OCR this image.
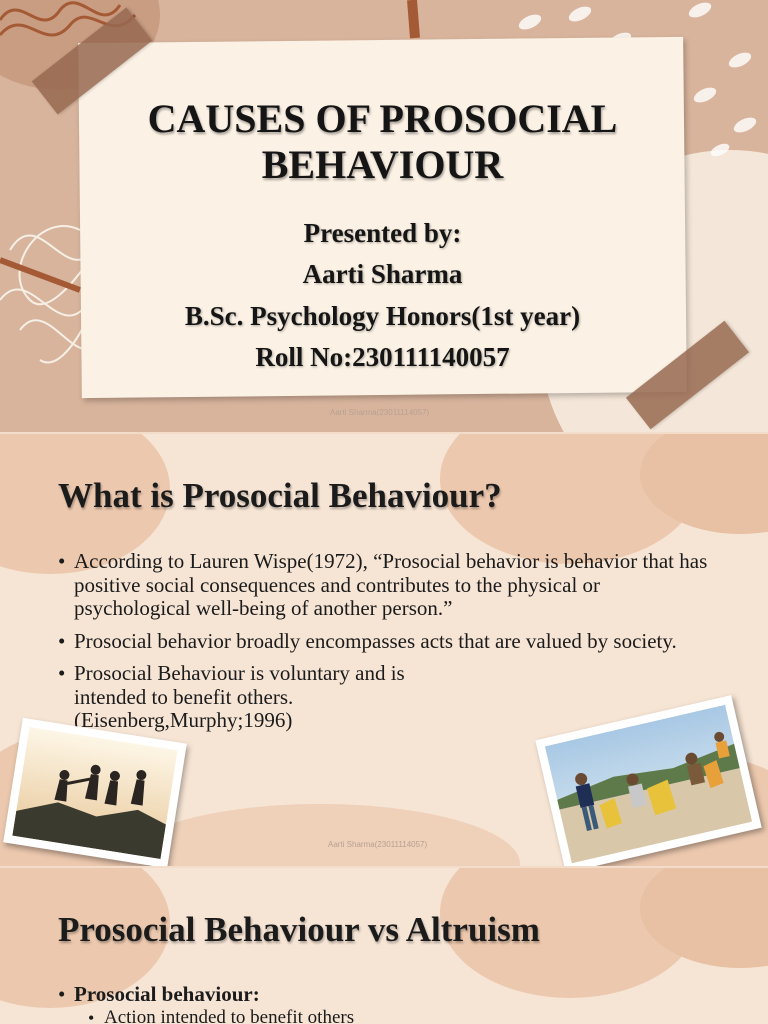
CAUSES OF PROSOCIAL
BEHAVIOUR
Presented by:
Aarti Sharma
B.Sc. Psychology Honors(1st year)
Roll No:230111140057
Aarti Sharma(23011114057)
What is Prosocial Behaviour?
• According to Lauren Wispe(1972), “Prosocial behavior is behavior that has positive social consequences and contributes to the physical or psychological well-being of another person.”
• Prosocial behavior broadly encompasses acts that are valued by society.
• Prosocial Behaviour is voluntary and is intended to benefit others.(Eisenberg,Murphy;1996)
Aarti Sharma(23011114057)
Prosocial Behaviour vs Altruism
• Prosocial behaviour:
• Action intended to benefit others
